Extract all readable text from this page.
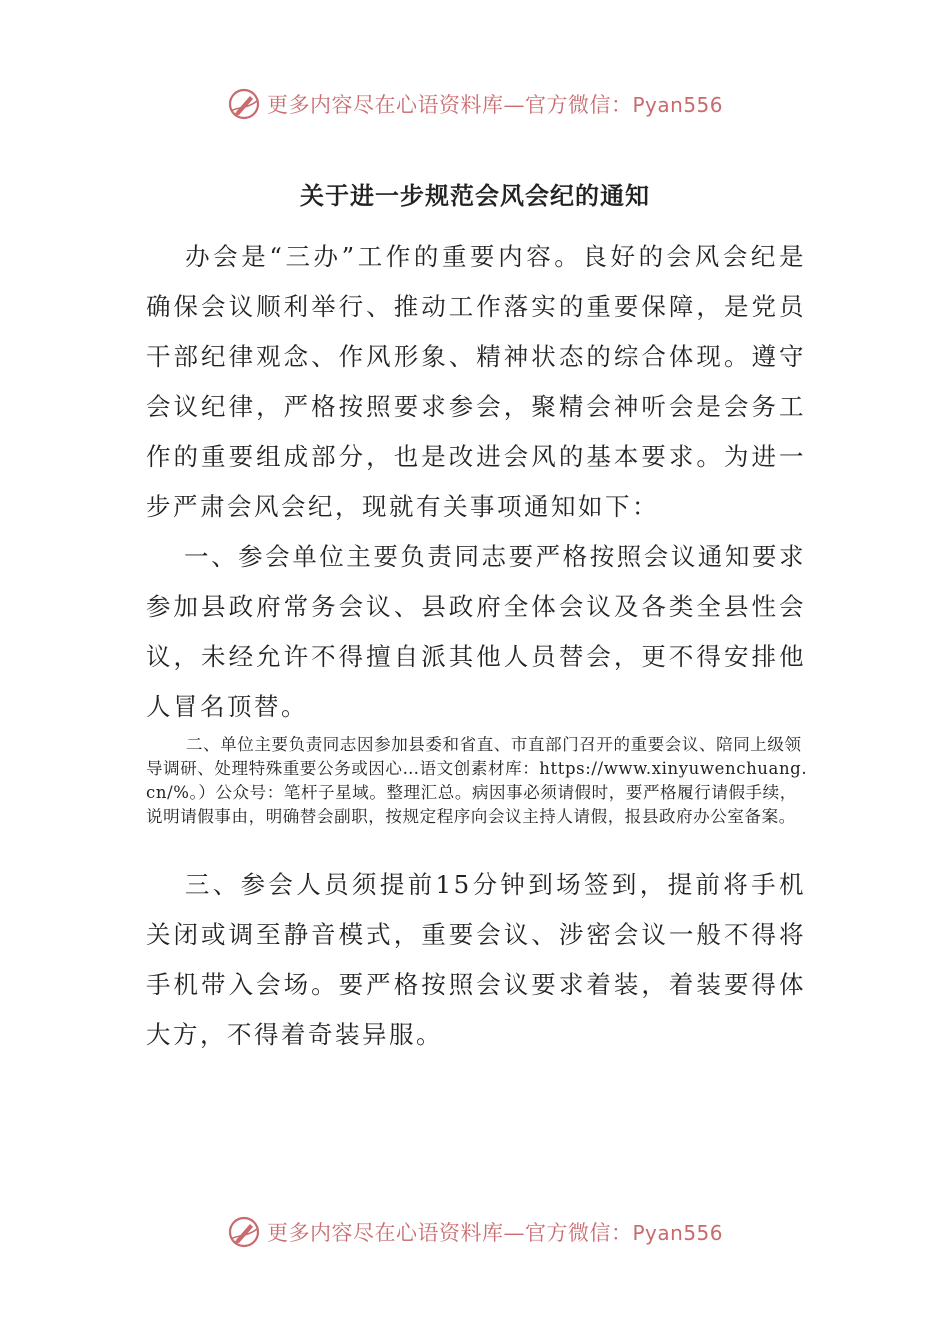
更多内容尽在心语资料库—官方微信：Pyan556
关于进一步规范会风会纪的通知

办会是“三办”工作的重要内容。良好的会风会纪是确保会议顺利举行、推动工作落实的重要保障，是党员干部纪律观念、作风形象、精神状态的综合体现。遵守会议纪律，严格按照要求参会，聚精会神听会是会务工作的重要组成部分，也是改进会风的基本要求。为进一步严肃会风会纪，现就有关事项通知如下：

一、参会单位主要负责同志要严格按照会议通知要求参加县政府常务会议、县政府全体会议及各类全县性会议，未经允许不得擅自派其他人员替会，更不得安排他人冒名顶替。

二、单位主要负责同志因参加县委和省直、市直部门召开的重要会议、陪同上级领导调研、处理特殊重要公务或因心…语文创素材库：https://www.xinyuwenchuang.cn/%。）公众号：笔杆子星域。整理汇总。病因事必须请假时，要严格履行请假手续，说明请假事由，明确替会副职，按规定程序向会议主持人请假，报县政府办公室备案。

三、参会人员须提前15分钟到场签到，提前将手机关闭或调至静音模式，重要会议、涉密会议一般不得将手机带入会场。要严格按照会议要求着装，着装要得体大方，不得着奇装异服。

更多内容尽在心语资料库—官方微信：Pyan556
